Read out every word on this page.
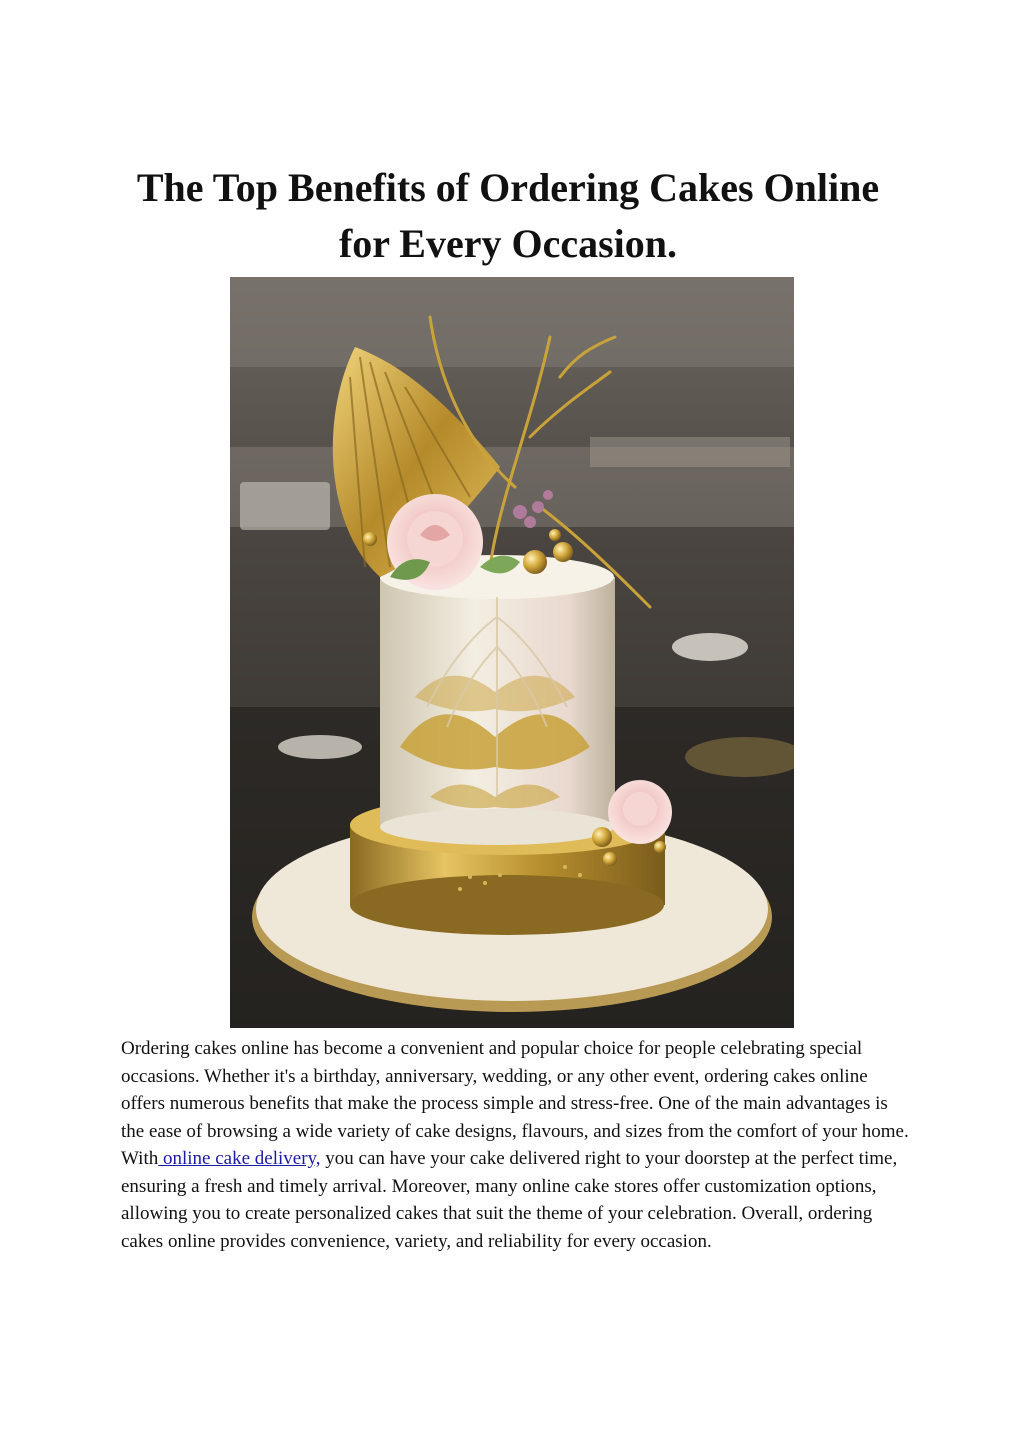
The Top Benefits of Ordering Cakes Online
for Every Occasion.

Ordering cakes online has become a convenient and popular choice for people celebrating special occasions. Whether it's a birthday, anniversary, wedding, or any other event, ordering cakes online offers numerous benefits that make the process simple and stress-free. One of the main advantages is the ease of browsing a wide variety of cake designs, flavours, and sizes from the comfort of your home. With online cake delivery, you can have your cake delivered right to your doorstep at the perfect time, ensuring a fresh and timely arrival. Moreover, many online cake stores offer customization options, allowing you to create personalized cakes that suit the theme of your celebration. Overall, ordering cakes online provides convenience, variety, and reliability for every occasion.
